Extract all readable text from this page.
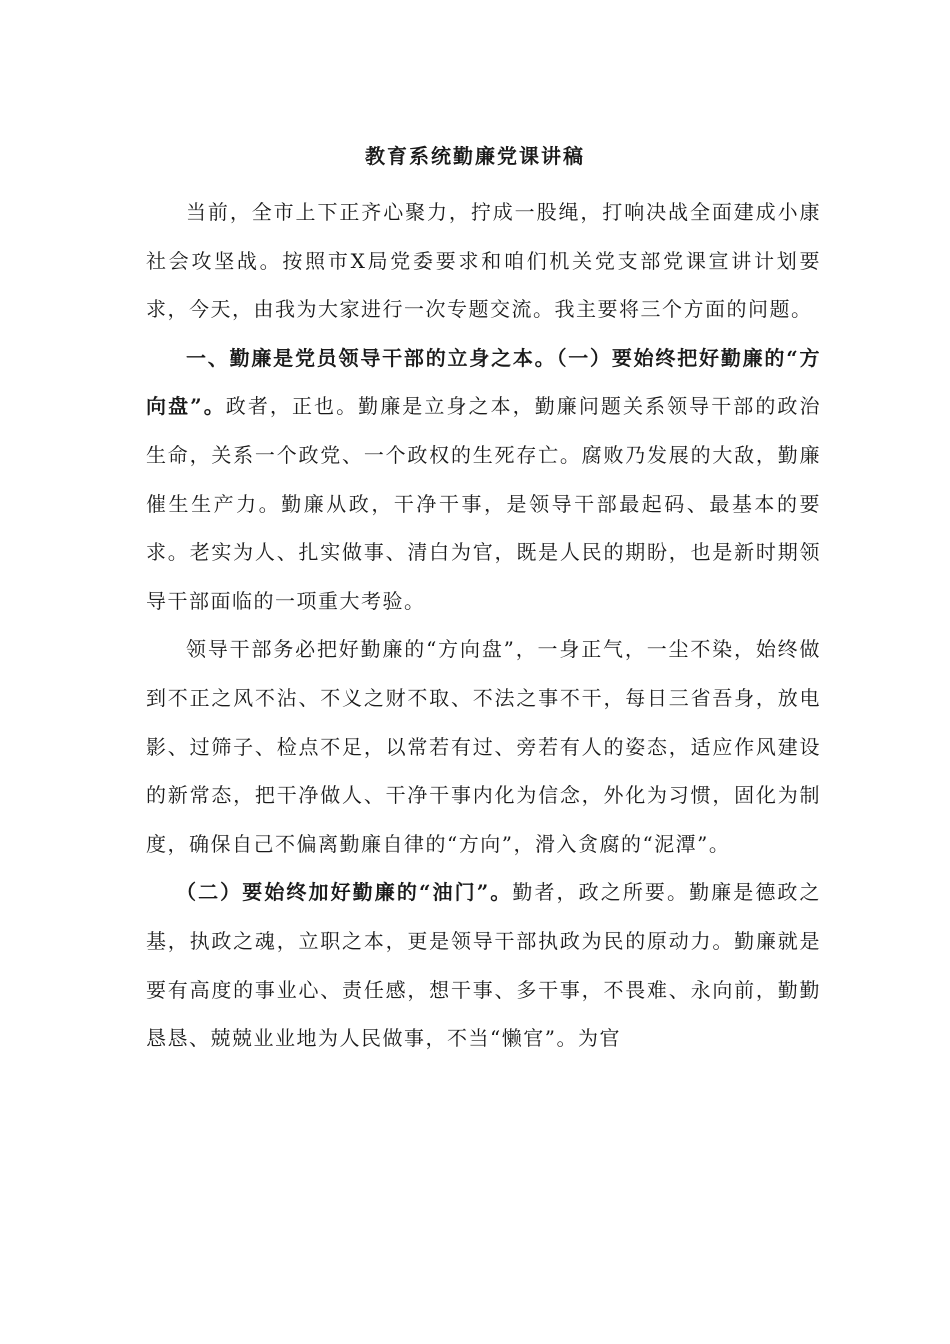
教育系统勤廉党课讲稿

当前，全市上下正齐心聚力，拧成一股绳，打响决战全面建成小康社会攻坚战。按照市X局党委要求和咱们机关党支部党课宣讲计划要求，今天，由我为大家进行一次专题交流。我主要将三个方面的问题。

一、勤廉是党员领导干部的立身之本。（一）要始终把好勤廉的“方向盘”。政者，正也。勤廉是立身之本，勤廉问题关系领导干部的政治生命，关系一个政党、一个政权的生死存亡。腐败乃发展的大敌，勤廉催生生产力。勤廉从政，干净干事，是领导干部最起码、最基本的要求。老实为人、扎实做事、清白为官，既是人民的期盼，也是新时期领导干部面临的一项重大考验。

领导干部务必把好勤廉的“方向盘”，一身正气，一尘不染，始终做到不正之风不沾、不义之财不取、不法之事不干，每日三省吾身，放电影、过筛子、检点不足，以常若有过、旁若有人的姿态，适应作风建设的新常态，把干净做人、干净干事内化为信念，外化为习惯，固化为制度，确保自己不偏离勤廉自律的“方向”，滑入贪腐的“泥潭”。

（二）要始终加好勤廉的“油门”。勤者，政之所要。勤廉是德政之基，执政之魂，立职之本，更是领导干部执政为民的原动力。勤廉就是要有高度的事业心、责任感，想干事、多干事，不畏难、永向前，勤勤恳恳、兢兢业业地为人民做事，不当“懒官”。为官
